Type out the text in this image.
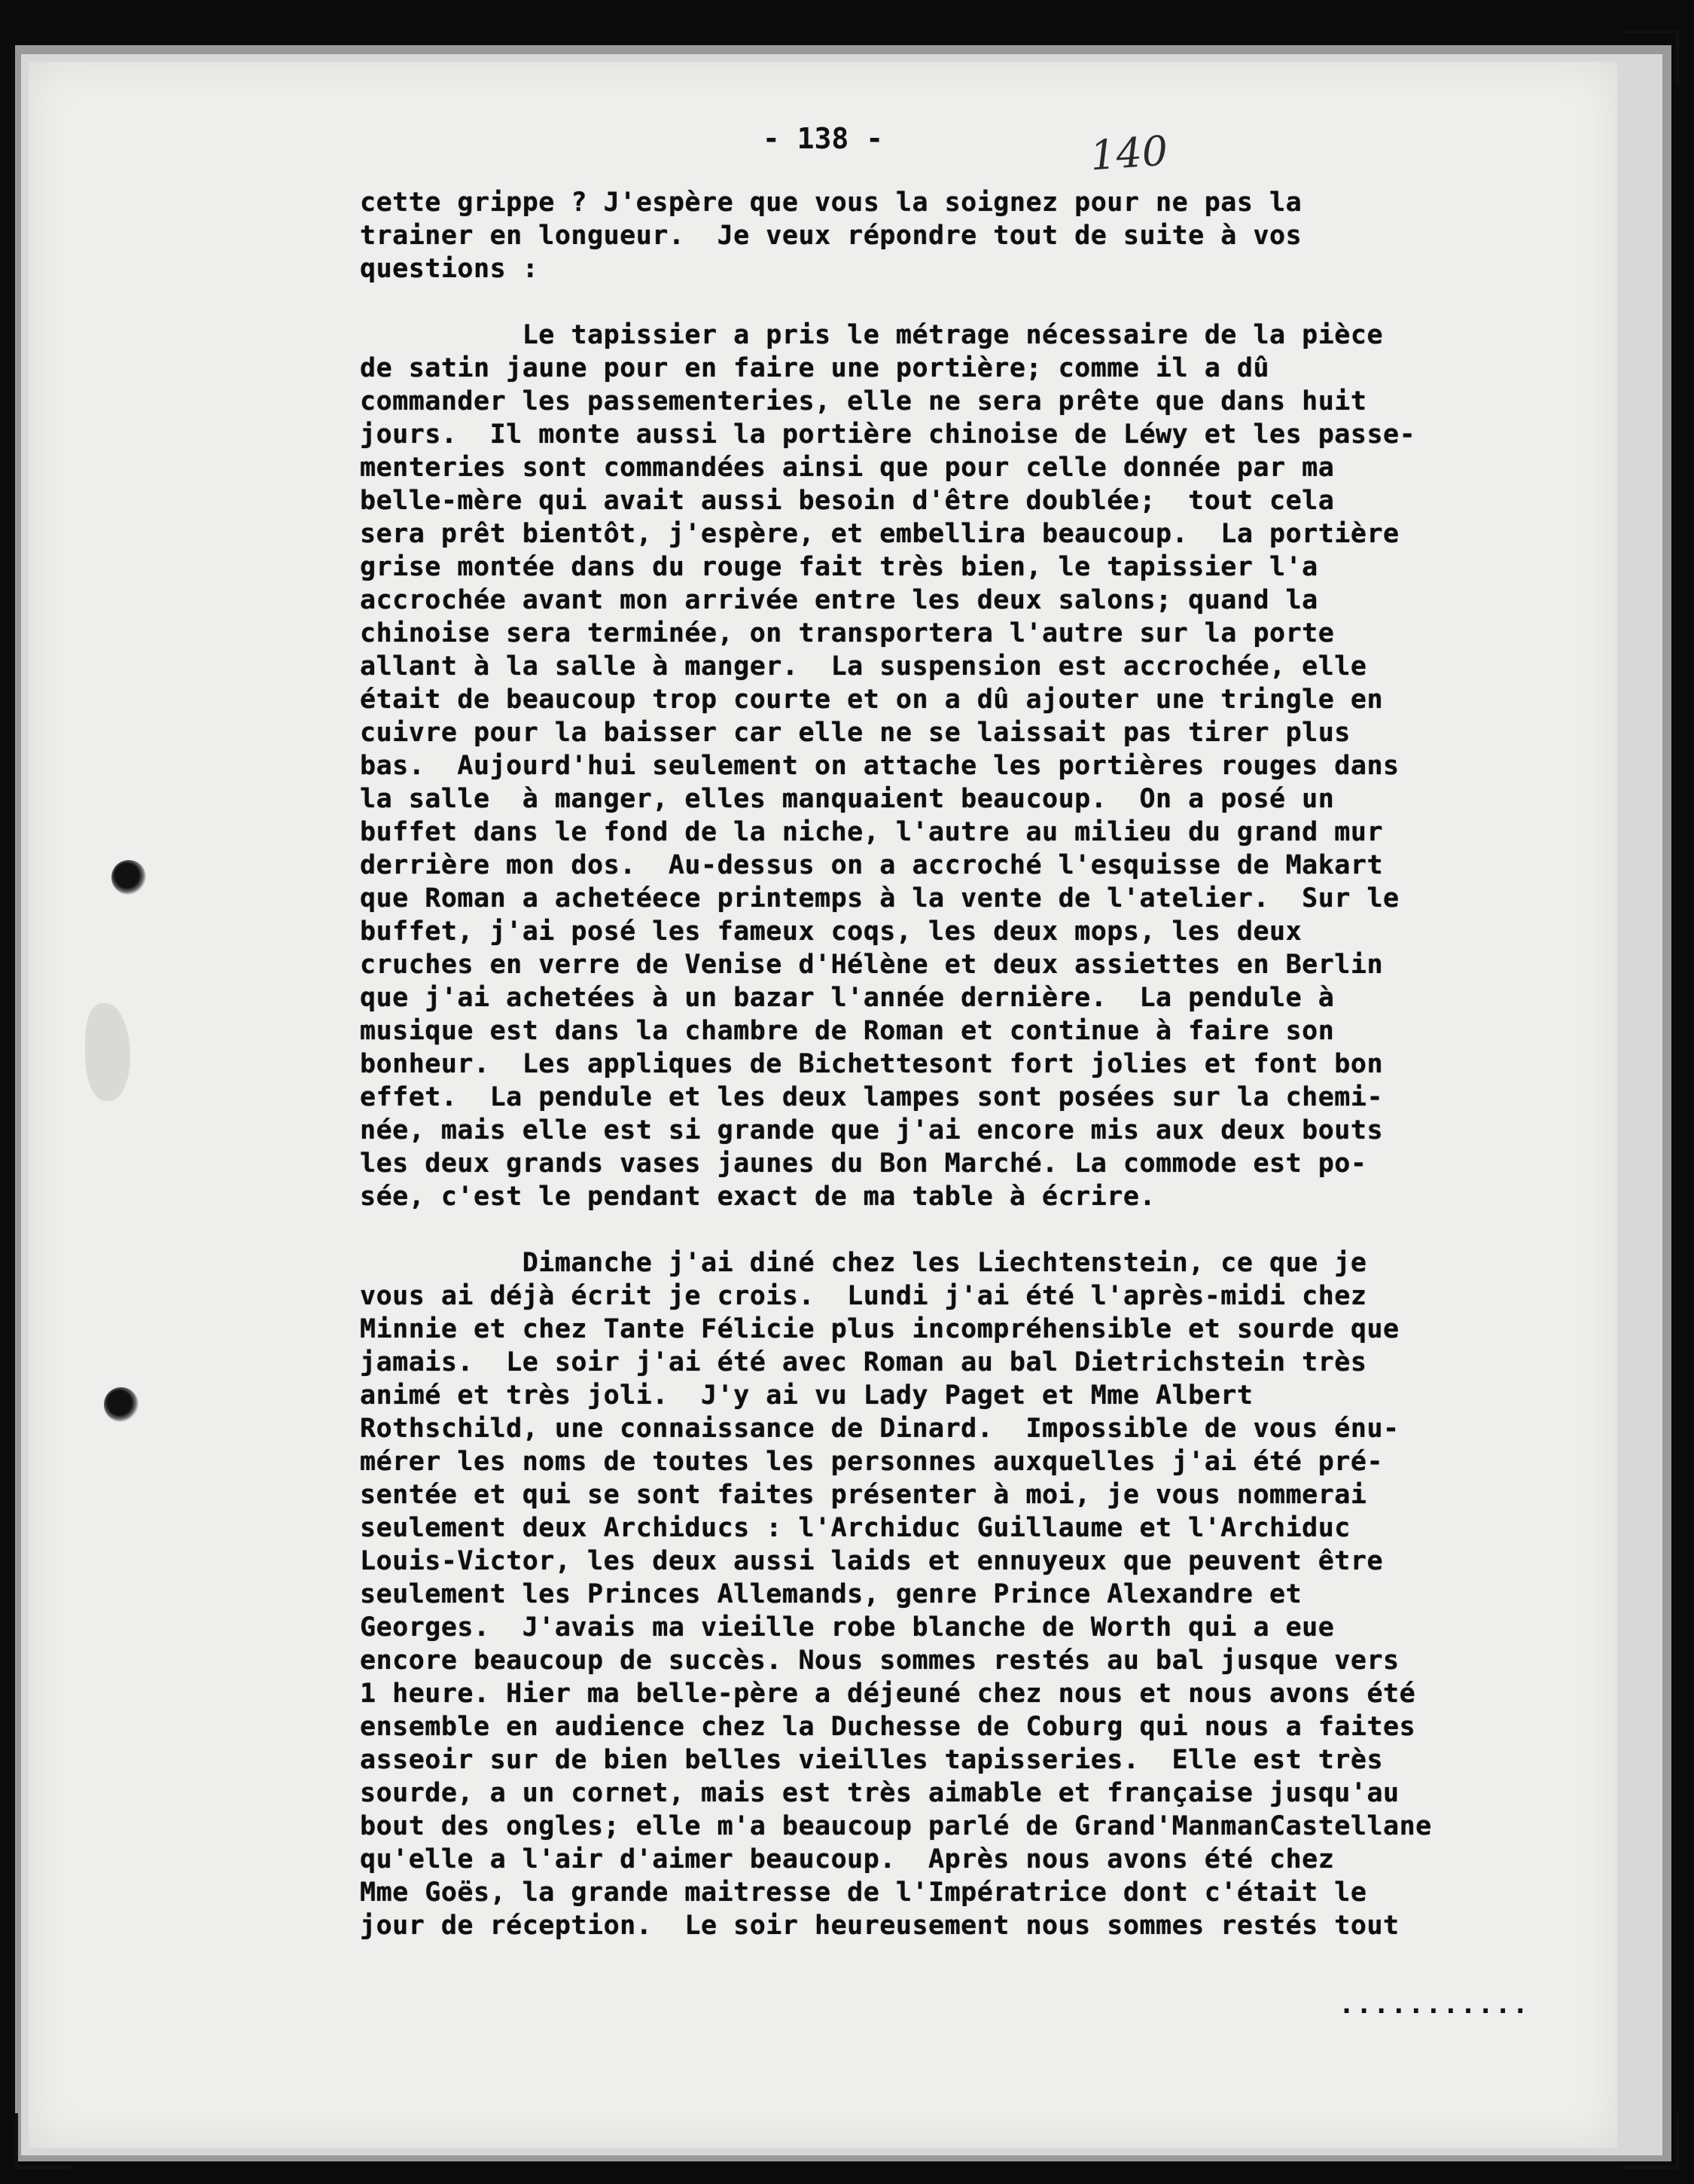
- 138 -	140
cette grippe ? J'espère que vous la soignez pour ne pas la
trainer en longueur.  Je veux répondre tout de suite à vos
questions :
Le tapissier a pris le métrage nécessaire de la pièce
de satin jaune pour en faire une portière; comme il a dû
commander les passementeries, elle ne sera prête que dans huit
jours.  Il monte aussi la portière chinoise de Léwy et les passe-
menteries sont commandées ainsi que pour celle donnée par ma
belle-mère qui avait aussi besoin d'être doublée;  tout cela
sera prêt bientôt, j'espère, et embellira beaucoup.  La portière
grise montée dans du rouge fait très bien, le tapissier l'a
accrochée avant mon arrivée entre les deux salons; quand la
chinoise sera terminée, on transportera l'autre sur la porte
allant à la salle à manger.  La suspension est accrochée, elle
était de beaucoup trop courte et on a dû ajouter une tringle en
cuivre pour la baisser car elle ne se laissait pas tirer plus
bas.  Aujourd'hui seulement on attache les portières rouges dans
la salle  à manger, elles manquaient beaucoup.  On a posé un
buffet dans le fond de la niche, l'autre au milieu du grand mur
derrière mon dos.  Au-dessus on a accroché l'esquisse de Makart
que Roman a achetéece printemps à la vente de l'atelier.  Sur le
buffet, j'ai posé les fameux coqs, les deux mops, les deux
cruches en verre de Venise d'Hélène et deux assiettes en Berlin
que j'ai achetées à un bazar l'année dernière.  La pendule à
musique est dans la chambre de Roman et continue à faire son
bonheur.  Les appliques de Bichettesont fort jolies et font bon
effet.  La pendule et les deux lampes sont posées sur la chemi-
née, mais elle est si grande que j'ai encore mis aux deux bouts
les deux grands vases jaunes du Bon Marché. La commode est po-
sée, c'est le pendant exact de ma table à écrire.
Dimanche j'ai diné chez les Liechtenstein, ce que je
vous ai déjà écrit je crois.  Lundi j'ai été l'après-midi chez
Minnie et chez Tante Félicie plus incompréhensible et sourde que
jamais.  Le soir j'ai été avec Roman au bal Dietrichstein très
animé et très joli.  J'y ai vu Lady Paget et Mme Albert
Rothschild, une connaissance de Dinard.  Impossible de vous énu-
mérer les noms de toutes les personnes auxquelles j'ai été pré-
sentée et qui se sont faites présenter à moi, je vous nommerai
seulement deux Archiducs : l'Archiduc Guillaume et l'Archiduc
Louis-Victor, les deux aussi laids et ennuyeux que peuvent être
seulement les Princes Allemands, genre Prince Alexandre et
Georges.  J'avais ma vieille robe blanche de Worth qui a eue
encore beaucoup de succès. Nous sommes restés au bal jusque vers
1 heure. Hier ma belle-père a déjeuné chez nous et nous avons été
ensemble en audience chez la Duchesse de Coburg qui nous a faites
asseoir sur de bien belles vieilles tapisseries.  Elle est très
sourde, a un cornet, mais est très aimable et française jusqu'au
bout des ongles; elle m'a beaucoup parlé de Grand'ManmanCastellane
qu'elle a l'air d'aimer beaucoup.  Après nous avons été chez
Mme Goës, la grande maitresse de l'Impératrice dont c'était le
jour de réception.  Le soir heureusement nous sommes restés tout
...........
